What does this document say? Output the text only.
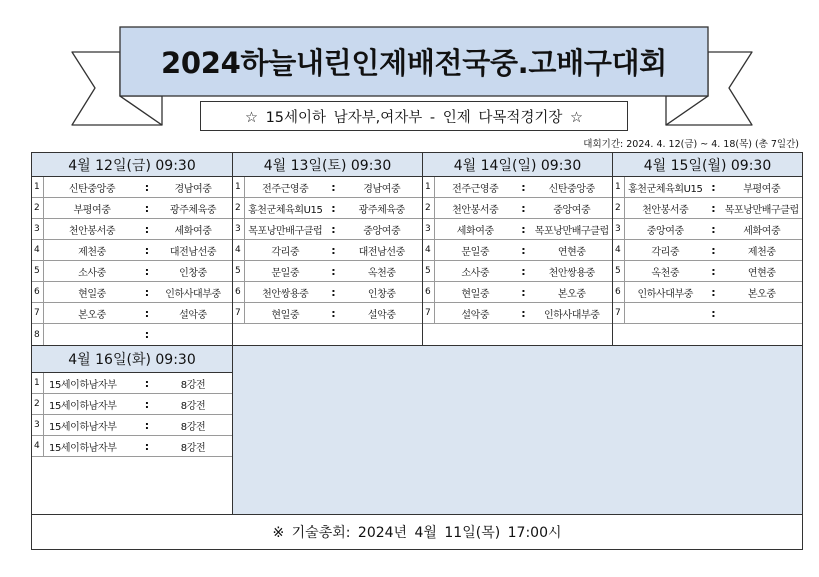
2024하늘내린인제배전국중.고배구대회
☆ 15세이하 남자부,여자부 - 인제 다목적경기장 ☆
대회기간: 2024. 4. 12(금) ~ 4. 18(목) (총 7일간)
4월 12일(금) 09:30
1	신탄중앙중	:	경남여중
2	부평여중	:	광주체육중
3	천안봉서중	:	세화여중
4	제천중	:	대전남선중
5	소사중	:	인창중
6	현일중	:	인하사대부중
7	본오중	:	설악중
8	:
4월 13일(토) 09:30
1	전주근영중	:	경남여중
2 홍천군체육회U15 :	광주체육중
3 목포낭만배구클럽 :	중앙여중
4	각리중	:	대전남선중
5	문일중	:	옥천중
6	천안쌍용중	:	인창중
7	현일중	:	설악중
4월 14일(일) 09:30
1	전주근영중	:	신탄중앙중
2	천안봉서중	:	중앙여중
3	세화여중	: 목포낭만배구클럽
4	문일중	:	연현중
5	소사중	:	천안쌍용중
6	현일중	:	본오중
7	설악중	:	인하사대부중
4월 15일(월) 09:30
1 홍천군체육회U15 :	부평여중
2	천안봉서중	: 목포낭만배구클럽
3	중앙여중	:	세화여중
4	각리중	:	제천중
5	옥천중	:	연현중
6	인하사대부중	:	본오중
7	:
4월 16일(화) 09:30
1 15세이하남자부	:	8강전
2 15세이하남자부	:	8강전
3 15세이하남자부	:	8강전
4 15세이하남자부	:	8강전
※ 기술총회: 2024년 4월 11일(목) 17:00시
